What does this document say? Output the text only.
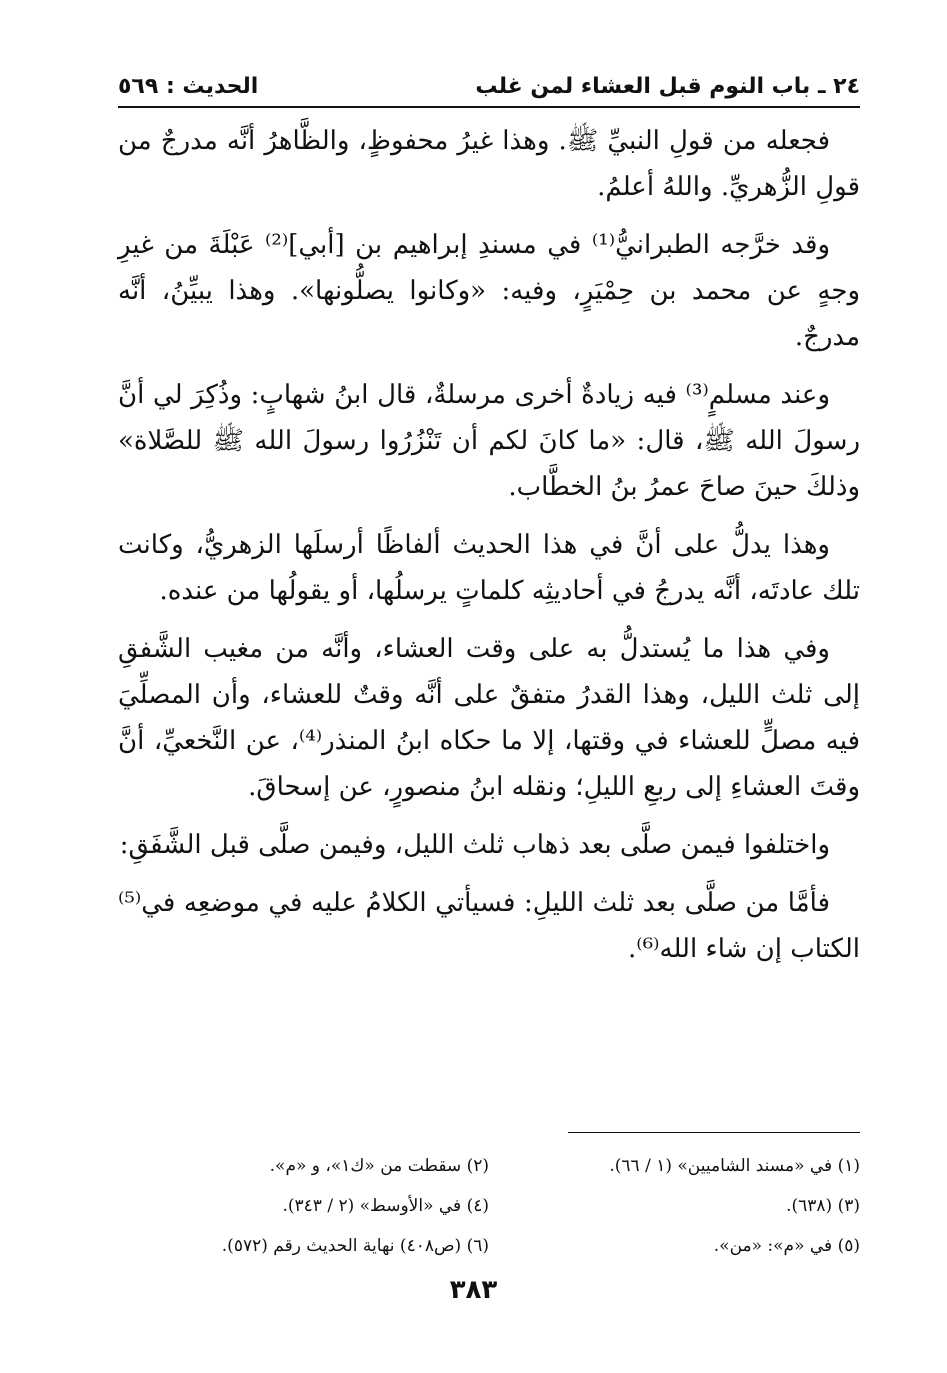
٢٤ ـ باب النوم قبل العشاء لمن غلب
الحديث : ٥٦٩

فجعله من قولِ النبيِّ ﷺ. وهذا غيرُ محفوظٍ، والظَّاهرُ أنَّه مدرجٌ من قولِ الزُّهريِّ. واللهُ أعلمُ.

وقد خرَّجه الطبرانيُّ⁽¹⁾ في مسندِ إبراهيم بن [أبي]⁽²⁾ عَبْلَةَ من غيرِ وجهٍ عن محمد بن حِمْيَرٍ، وفيه: «وكانوا يصلُّونها». وهذا يبيِّنُ، أنَّه مدرجٌ.

وعند مسلمٍ⁽³⁾ فيه زيادةٌ أخرى مرسلةٌ، قال ابنُ شهابٍ: وذُكِرَ لي أنَّ رسولَ الله ﷺ، قال: «ما كانَ لكم أن تَنْزُرُوا رسولَ الله ﷺ للصَّلاة» وذلكَ حينَ صاحَ عمرُ بنُ الخطَّاب.

وهذا يدلُّ على أنَّ في هذا الحديث ألفاظًا أرسلَها الزهريُّ، وكانت تلك عادتَه، أنَّه يدرجُ في أحاديثِه كلماتٍ يرسلُها، أو يقولُها من عنده.

وفي هذا ما يُستدلُّ به على وقت العشاء، وأنَّه من مغيب الشَّفقِ إلى ثلث الليل، وهذا القدرُ متفقٌ على أنَّه وقتٌ للعشاء، وأن المصلِّيَ فيه مصلٍّ للعشاء في وقتها، إلا ما حكاه ابنُ المنذر⁽⁴⁾، عن النَّخعيِّ، أنَّ وقتَ العشاءِ إلى ربعِ الليلِ؛ ونقله ابنُ منصورٍ، عن إسحاقَ.

واختلفوا فيمن صلَّى بعد ذهاب ثلث الليل، وفيمن صلَّى قبل الشَّفَقِ:

فأمَّا من صلَّى بعد ثلث الليلِ: فسيأتي الكلامُ عليه في موضعِه في⁽⁵⁾ الكتاب إن شاء الله⁽⁶⁾.

(١) في «مسند الشاميين» (١ / ٦٦).
(٢) سقطت من «ك١»، و «م».
(٣) (٦٣٨).
(٤) في «الأوسط» (٢ / ٣٤٣).
(٥) في «م»: «من».
(٦) (ص٤٠٨) نهاية الحديث رقم (٥٧٢).
٣٨٣
